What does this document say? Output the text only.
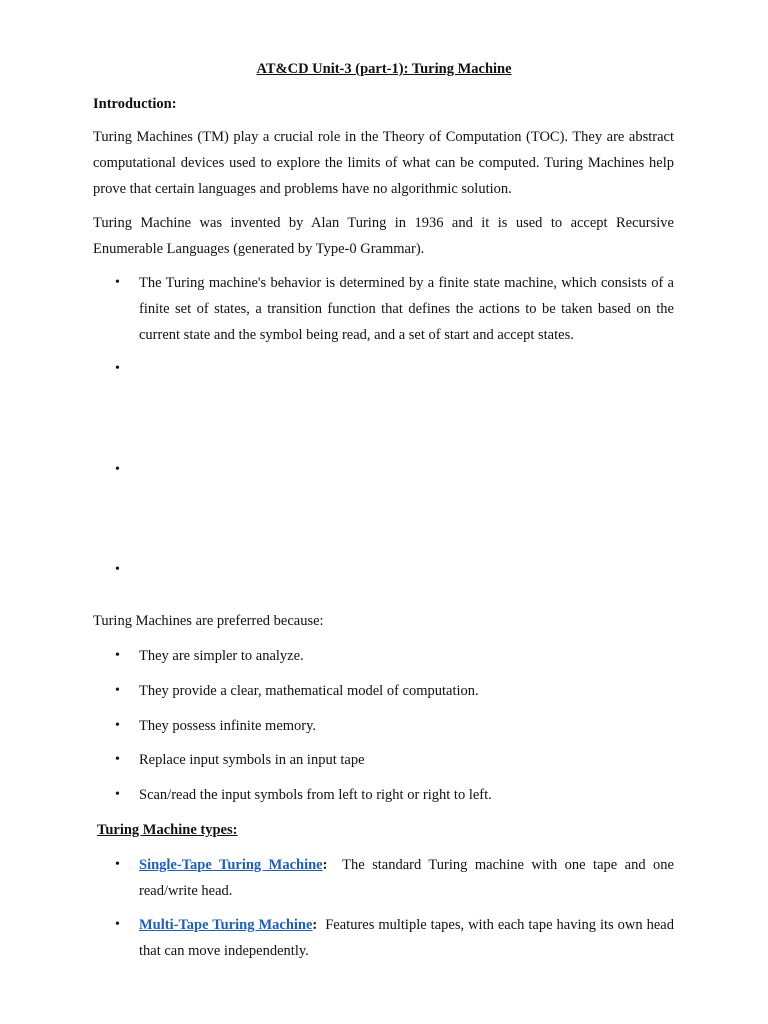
AT&CD Unit-3 (part-1): Turing Machine
Introduction:
Turing Machines (TM) play a crucial role in the Theory of Computation (TOC). They are abstract computational devices used to explore the limits of what can be computed. Turing Machines help prove that certain languages and problems have no algorithmic solution.
Turing Machine was invented by Alan Turing in 1936 and it is used to accept Recursive Enumerable Languages (generated by Type-0 Grammar).
•	The Turing machine's behavior is determined by a finite state machine, which consists of a finite set of states, a transition function that defines the actions to be taken based on the current state and the symbol being read, and a set of start and accept states.
•
•
•
Turing Machines are preferred because:
•	They are simpler to analyze.
•	They provide a clear, mathematical model of computation.
•	They possess infinite memory.
•	Replace input symbols in an input tape
•	Scan/read the input symbols from left to right or right to left.
Turing Machine types:
•	Single-Tape Turing Machine:  The standard Turing machine with one tape and one read/write head.
•	Multi-Tape Turing Machine:  Features multiple tapes, with each tape having its own head that can move independently.
